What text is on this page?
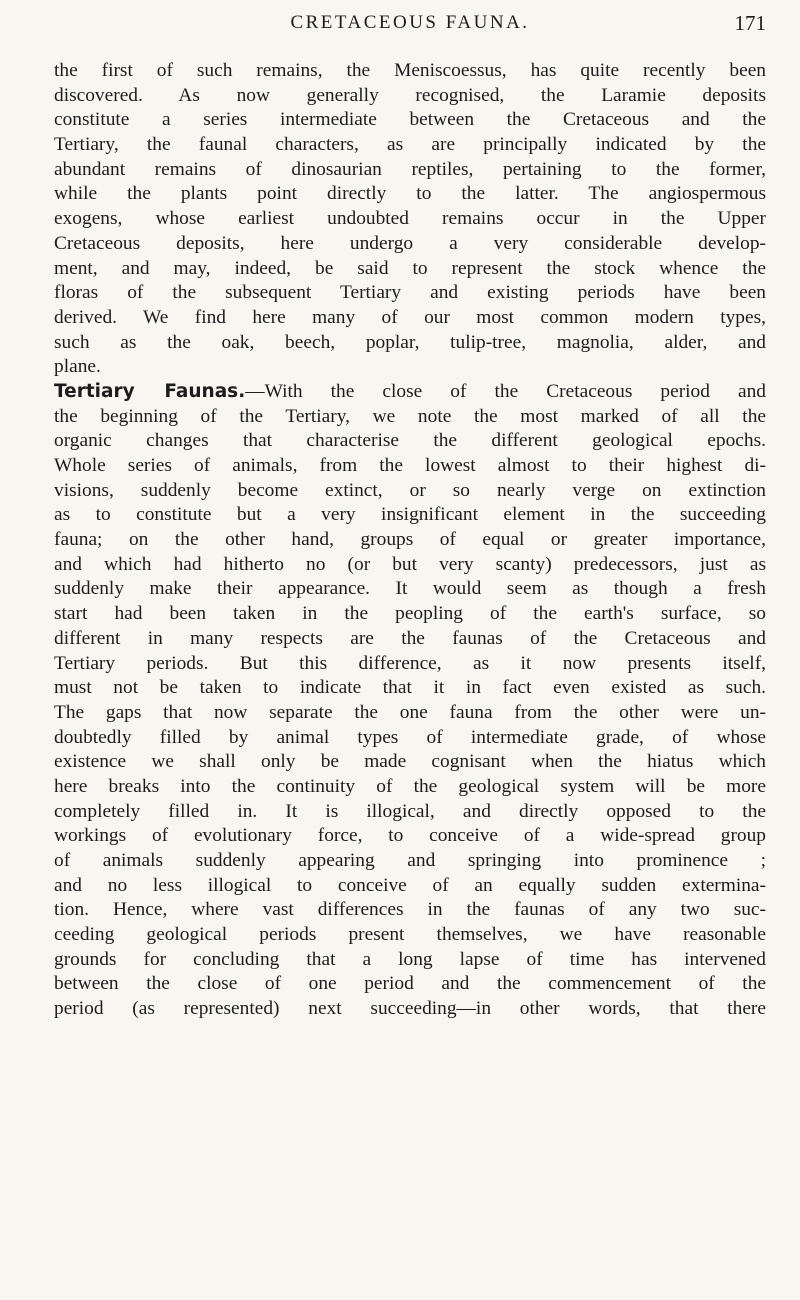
CRETACEOUS FAUNA.	171
the first of such remains, the Meniscoessus, has quite recently been
discovered. As now generally recognised, the Laramie deposits
constitute a series intermediate between the Cretaceous and the
Tertiary, the faunal characters, as are principally indicated by the
abundant remains of dinosaurian reptiles, pertaining to the former,
while the plants point directly to the latter. The angiospermous
exogens, whose earliest undoubted remains occur in the Upper
Cretaceous deposits, here undergo a very considerable develop-
ment, and may, indeed, be said to represent the stock whence the
floras of the subsequent Tertiary and existing periods have been
derived. We find here many of our most common modern types,
such as the oak, beech, poplar, tulip-tree, magnolia, alder, and
plane.
Tertiary Faunas.—With the close of the Cretaceous period and
the beginning of the Tertiary, we note the most marked of all the
organic changes that characterise the different geological epochs.
Whole series of animals, from the lowest almost to their highest di-
visions, suddenly become extinct, or so nearly verge on extinction
as to constitute but a very insignificant element in the succeeding
fauna; on the other hand, groups of equal or greater importance,
and which had hitherto no (or but very scanty) predecessors, just as
suddenly make their appearance. It would seem as though a fresh
start had been taken in the peopling of the earth's surface, so
different in many respects are the faunas of the Cretaceous and
Tertiary periods. But this difference, as it now presents itself,
must not be taken to indicate that it in fact even existed as such.
The gaps that now separate the one fauna from the other were un-
doubtedly filled by animal types of intermediate grade, of whose
existence we shall only be made cognisant when the hiatus which
here breaks into the continuity of the geological system will be more
completely filled in. It is illogical, and directly opposed to the
workings of evolutionary force, to conceive of a wide-spread group
of animals suddenly appearing and springing into prominence ;
and no less illogical to conceive of an equally sudden extermina-
tion. Hence, where vast differences in the faunas of any two suc-
ceeding geological periods present themselves, we have reasonable
grounds for concluding that a long lapse of time has intervened
between the close of one period and the commencement of the
period (as represented) next succeeding—in other words, that there
